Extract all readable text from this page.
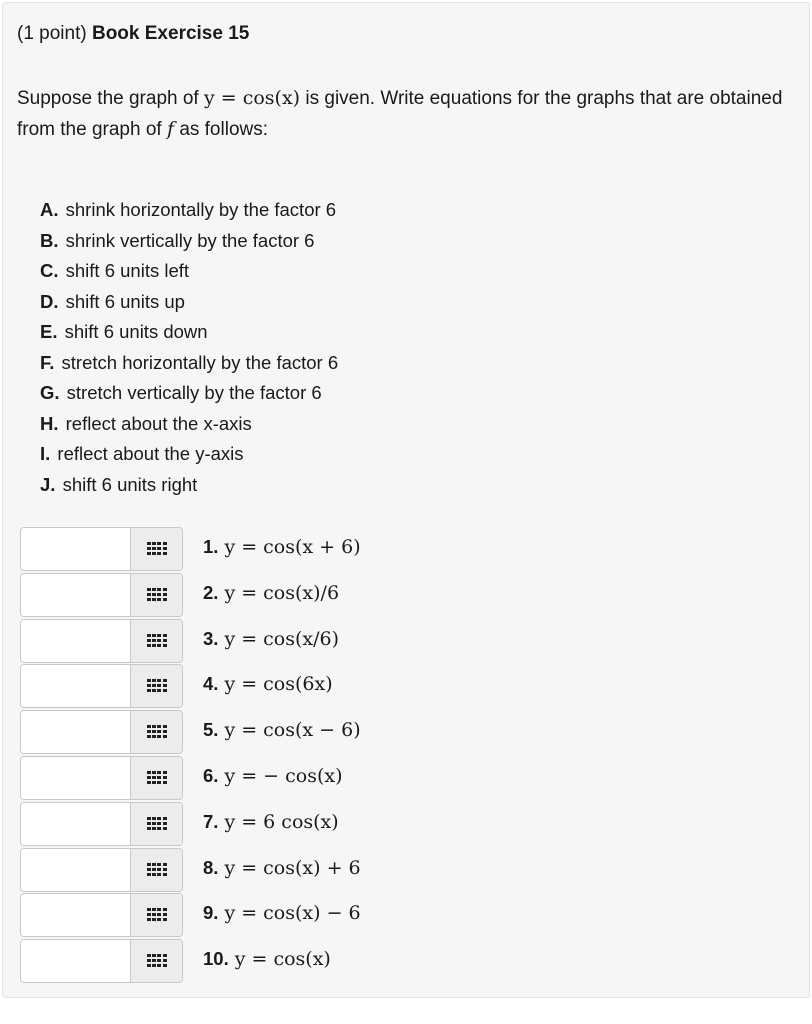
(1 point) Book Exercise 15
Suppose the graph of y = cos(x) is given. Write equations for the graphs that are obtained from the graph of f as follows:
A. shrink horizontally by the factor 6
B. shrink vertically by the factor 6
C. shift 6 units left
D. shift 6 units up
E. shift 6 units down
F. stretch horizontally by the factor 6
G. stretch vertically by the factor 6
H. reflect about the x-axis
I. reflect about the y-axis
J. shift 6 units right
1. y = cos(x + 6)
2. y = cos(x)/6
3. y = cos(x/6)
4. y = cos(6x)
5. y = cos(x − 6)
6. y = − cos(x)
7. y = 6 cos(x)
8. y = cos(x) + 6
9. y = cos(x) − 6
10. y = cos(x)
